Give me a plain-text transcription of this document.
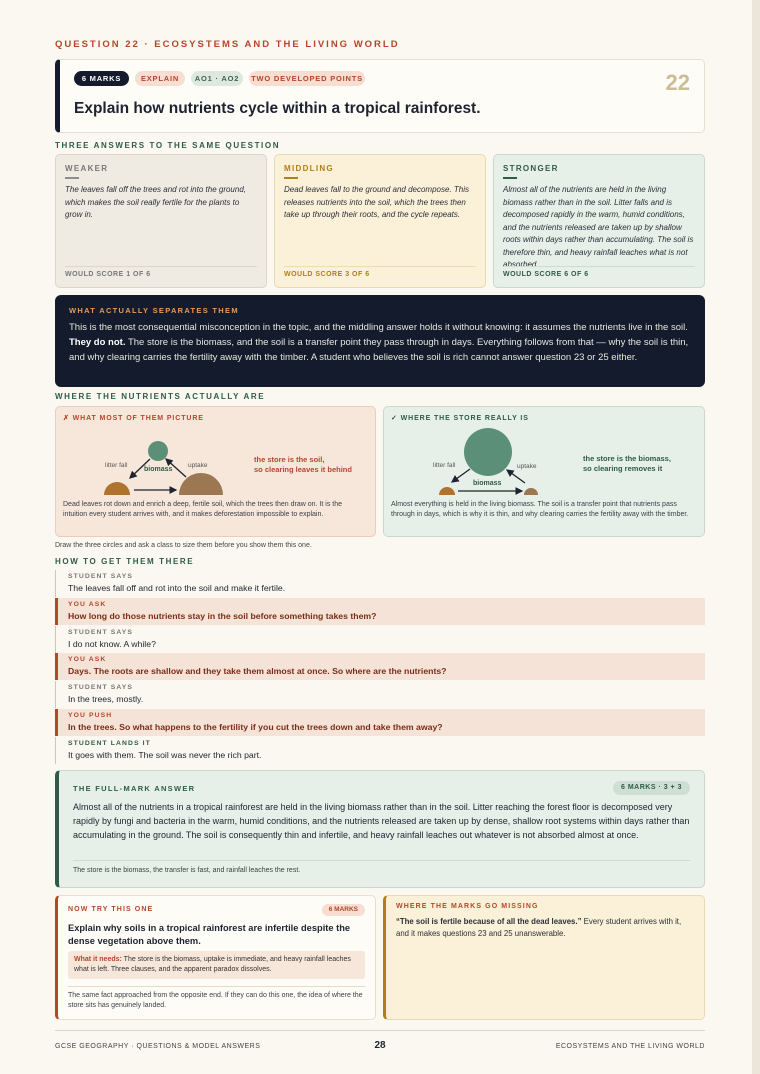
QUESTION 22 · ECOSYSTEMS AND THE LIVING WORLD
6 MARKS	EXPLAIN	AO1 · AO2	TWO DEVELOPED POINTS	22
Explain how nutrients cycle within a tropical rainforest.
THREE ANSWERS TO THE SAME QUESTION
WEAKER
The leaves fall off the trees and rot into the ground, which makes the soil really fertile for the plants to grow in.
WOULD SCORE 1 OF 6
MIDDLING
Dead leaves fall to the ground and decompose. This releases nutrients into the soil, which the trees then take up through their roots, and the cycle repeats.
WOULD SCORE 3 OF 6
STRONGER
Almost all of the nutrients are held in the living biomass rather than in the soil. Litter falls and is decomposed rapidly in the warm, humid conditions, and the nutrients released are taken up by shallow roots within days rather than accumulating. The soil is therefore thin, and heavy rainfall leaches what is not absorbed.
WOULD SCORE 6 OF 6
WHAT ACTUALLY SEPARATES THEM
This is the most consequential misconception in the topic, and the middling answer holds it without knowing: it assumes the nutrients live in the soil. They do not. The store is the biomass, and the soil is a transfer point they pass through in days. Everything follows from that — why the soil is thin, and why clearing carries the fertility away with the timber. A student who believes the soil is rich cannot answer question 23 or 25 either.
WHERE THE NUTRIENTS ACTUALLY ARE
✗ WHAT MOST OF THEM PICTURE
litter fall
biomass
uptake
the store is the soil,
so clearing leaves it behind
Dead leaves rot down and enrich a deep, fertile soil, which the trees then draw on. It is the intuition every student arrives with, and it makes deforestation impossible to explain.
✓ WHERE THE STORE REALLY IS
litter fall
biomass
uptake
the store is the biomass,
so clearing removes it
Almost everything is held in the living biomass. The soil is a transfer point that nutrients pass through in days, which is why it is thin, and why clearing carries the fertility away with the timber.
Draw the three circles and ask a class to size them before you show them this one.
HOW TO GET THEM THERE
STUDENT SAYS
The leaves fall off and rot into the soil and make it fertile.
YOU ASK
How long do those nutrients stay in the soil before something takes them?
STUDENT SAYS
I do not know. A while?
YOU ASK
Days. The roots are shallow and they take them almost at once. So where are the nutrients?
STUDENT SAYS
In the trees, mostly.
YOU PUSH
In the trees. So what happens to the fertility if you cut the trees down and take them away?
STUDENT LANDS IT
It goes with them. The soil was never the rich part.
THE FULL-MARK ANSWER	6 MARKS · 3 + 3
Almost all of the nutrients in a tropical rainforest are held in the living biomass rather than in the soil. Litter reaching the forest floor is decomposed very rapidly by fungi and bacteria in the warm, humid conditions, and the nutrients released are taken up by dense, shallow root systems within days rather than accumulating in the ground. The soil is consequently thin and infertile, and heavy rainfall leaches out whatever is not absorbed almost at once.
The store is the biomass, the transfer is fast, and rainfall leaches the rest.
NOW TRY THIS ONE	6 MARKS
Explain why soils in a tropical rainforest are infertile despite the dense vegetation above them.
What it needs: The store is the biomass, uptake is immediate, and heavy rainfall leaches what is left. Three clauses, and the apparent paradox dissolves.
The same fact approached from the opposite end. If they can do this one, the idea of where the store sits has genuinely landed.
WHERE THE MARKS GO MISSING
“The soil is fertile because of all the dead leaves.” Every student arrives with it, and it makes questions 23 and 25 unanswerable.
GCSE GEOGRAPHY · QUESTIONS & MODEL ANSWERS	28	ECOSYSTEMS AND THE LIVING WORLD
